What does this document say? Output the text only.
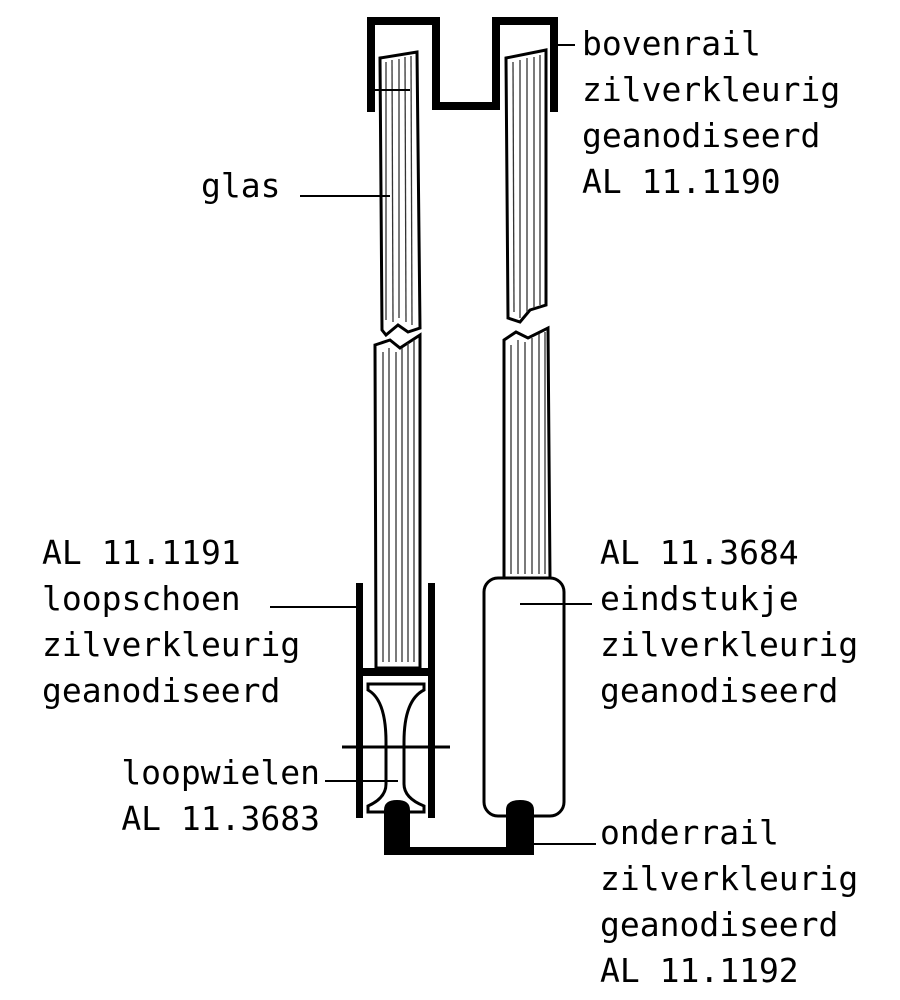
bovenrail
zilverkleurig
geanodiseerd
AL 11.1190
glas
AL 11.1191
loopschoen
zilverkleurig
geanodiseerd
loopwielen
AL 11.3683
AL 11.3684
eindstukje
zilverkleurig
geanodiseerd
onderrail
zilverkleurig
geanodiseerd
AL 11.1192
